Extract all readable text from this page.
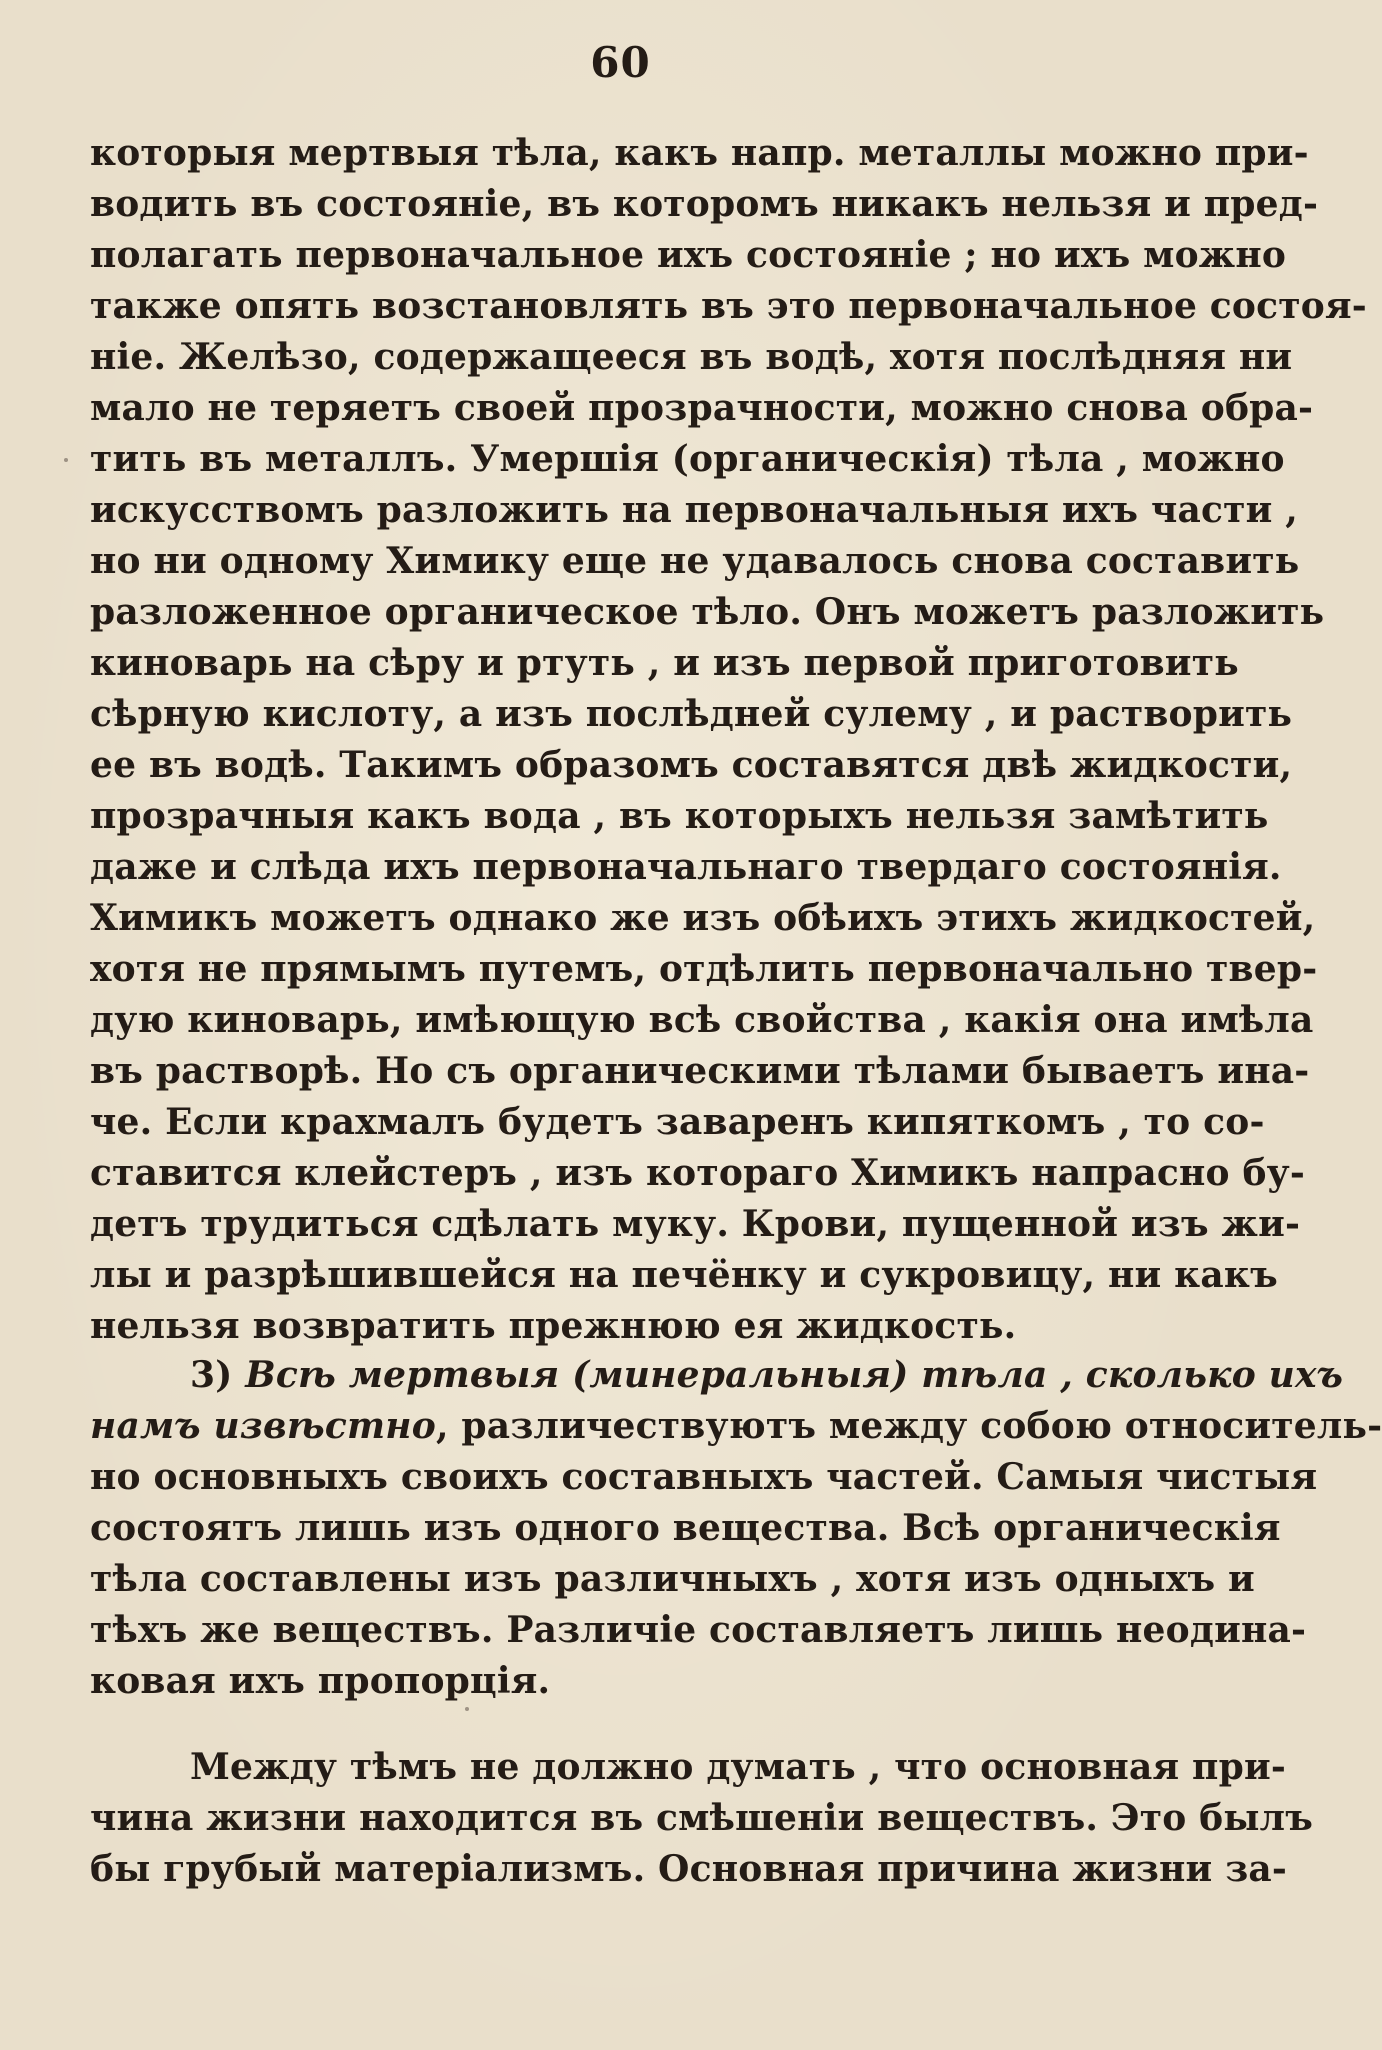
60
которыя мертвыя тѣла, какъ напр. металлы можно при-
водить въ состоянiе, въ которомъ никакъ нельзя и пред-
полагать первоначальное ихъ состоянiе ; но ихъ можно
также опять возстановлять въ это первоначальное состоя-
нiе. Желѣзо, содержащееся въ водѣ, хотя послѣдняя ни
мало не теряетъ своей прозрачности, можно снова обра-
тить въ металлъ. Умершiя (органическiя) тѣла , можно
искусствомъ разложить на первоначальныя ихъ части ,
но ни одному Химику еще не удавалось снова составить
разложенное органическое тѣло. Онъ можетъ разложить
киноварь на сѣру и ртуть , и изъ первой приготовить
сѣрную кислоту, а изъ послѣдней сулему , и растворить
ее въ водѣ. Такимъ образомъ составятся двѣ жидкости,
прозрачныя какъ вода , въ которыхъ нельзя замѣтить
даже и слѣда ихъ первоначальнаго твердаго состоянiя.
Химикъ можетъ однако же изъ обѣихъ этихъ жидкостей,
хотя не прямымъ путемъ, отдѣлить первоначально твер-
дую киноварь, имѣющую всѣ свойства , какiя она имѣла
въ растворѣ. Но съ органическими тѣлами бываетъ ина-
че. Если крахмалъ будетъ заваренъ кипяткомъ , то со-
ставится клейстеръ , изъ котораго Химикъ напрасно бу-
детъ трудиться сдѣлать муку. Крови, пущенной изъ жи-
лы и разрѣшившейся на печёнку и сукровицу, ни какъ
нельзя возвратить прежнюю ея жидкость.
3) Всѣ мертвыя (минеральныя) тѣла , сколько ихъ
намъ извѣстно, различествуютъ между собою относитель-
но основныхъ своихъ составныхъ частей. Самыя чистыя
состоятъ лишь изъ одного вещества. Всѣ органическiя
тѣла составлены изъ различныхъ , хотя изъ одныхъ и
тѣхъ же веществъ. Различiе составляетъ лишь неодина-
ковая ихъ пропорцiя.
Между тѣмъ не должно думать , что основная при-
чина жизни находится въ смѣшенiи веществъ. Это былъ
бы грубый матерiализмъ. Основная причина жизни за-
